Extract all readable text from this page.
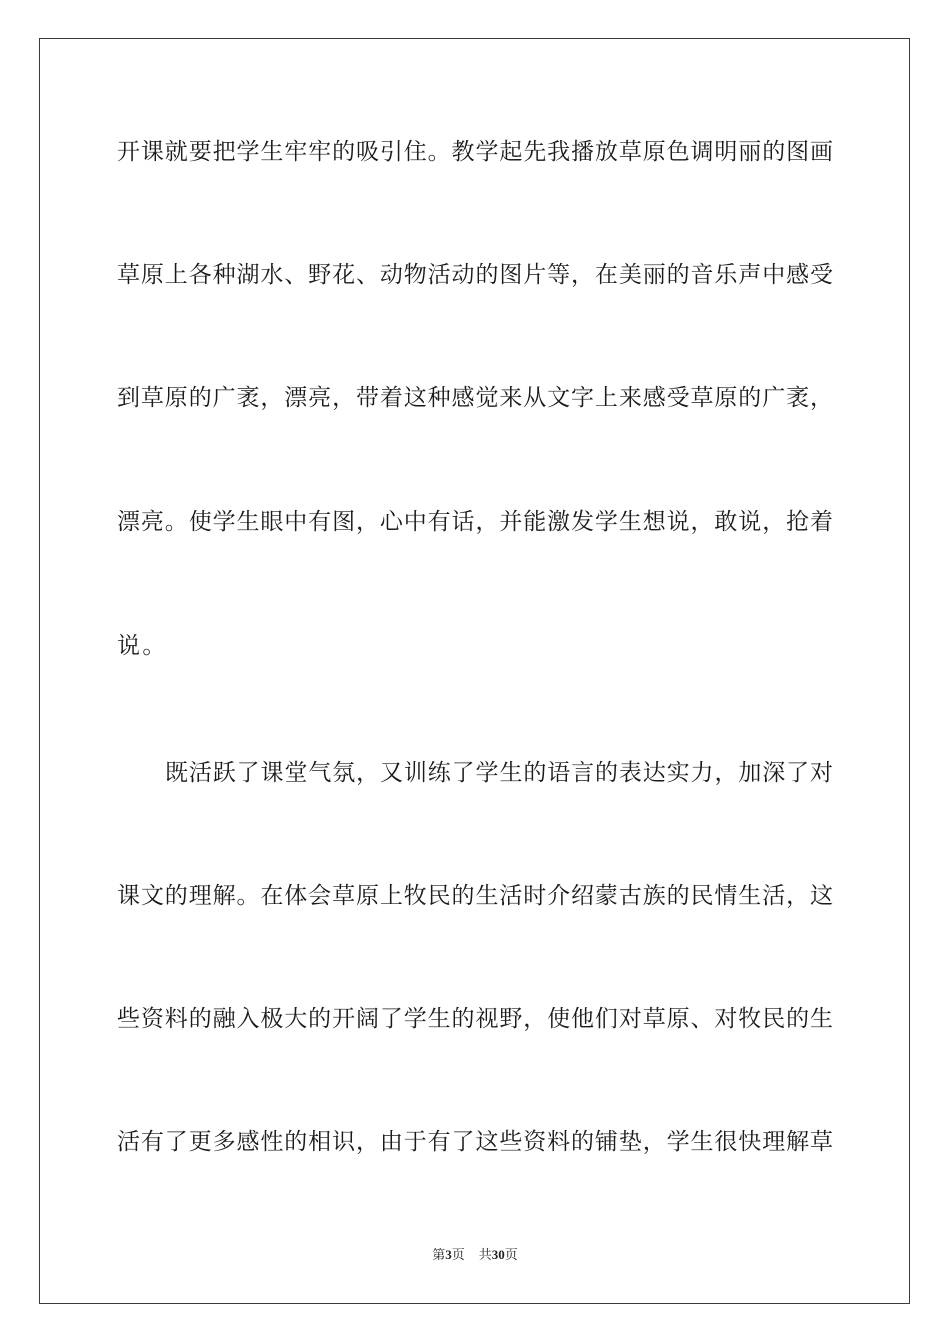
开课就要把学生牢牢的吸引住。教学起先我播放草原色调明丽的图画
草原上各种湖水、野花、动物活动的图片等，在美丽的音乐声中感受
到草原的广袤，漂亮，带着这种感觉来从文字上来感受草原的广袤，
漂亮。使学生眼中有图，心中有话，并能激发学生想说，敢说，抢着
说。
既活跃了课堂气氛，又训练了学生的语言的表达实力，加深了对
课文的理解。在体会草原上牧民的生活时介绍蒙古族的民情生活，这
些资料的融入极大的开阔了学生的视野，使他们对草原、对牧民的生
活有了更多感性的相识，由于有了这些资料的铺垫，学生很快理解草
第3页 共30页
